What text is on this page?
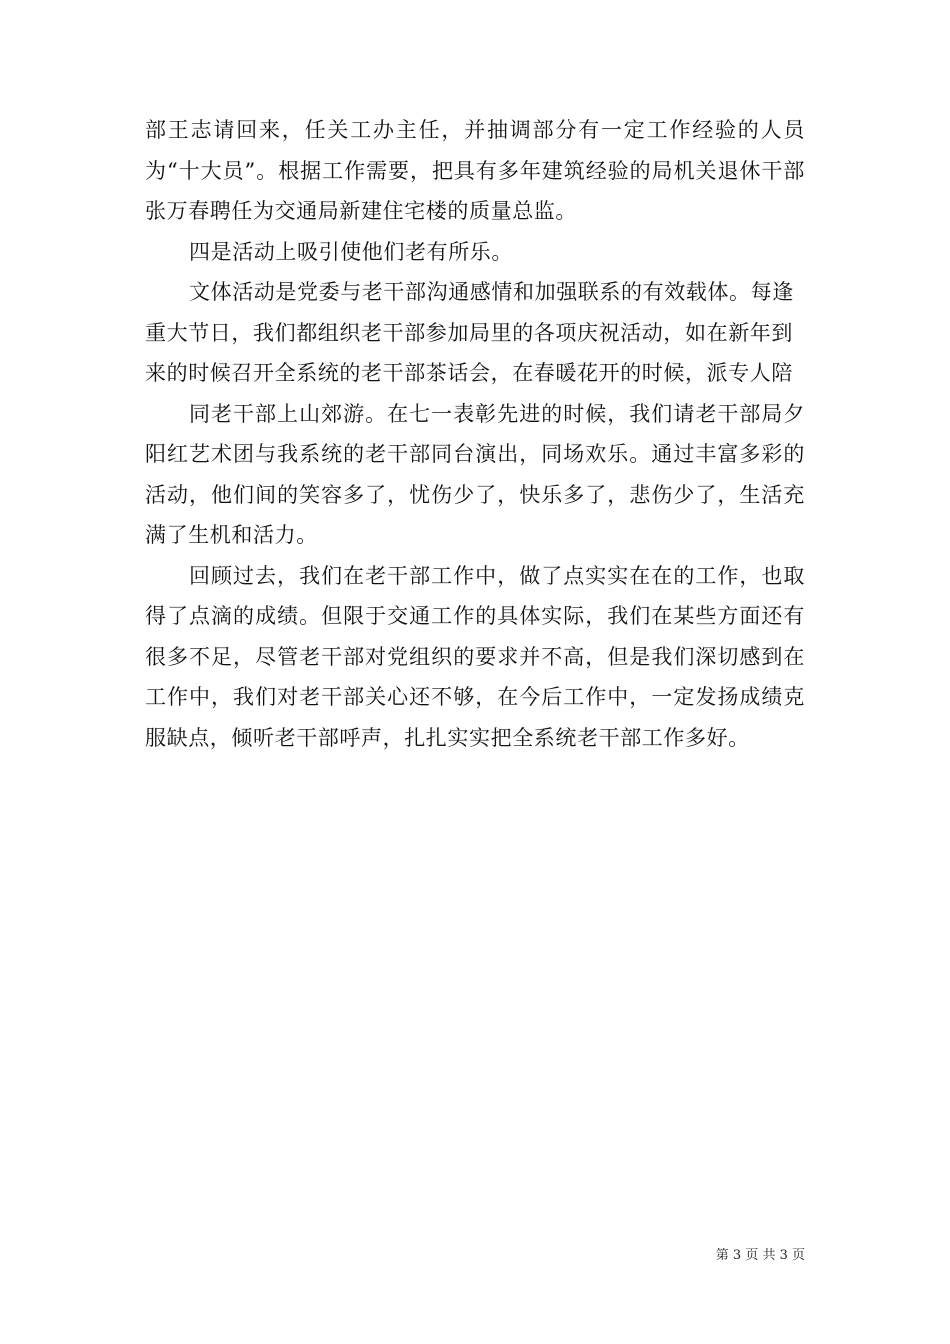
部王志请回来，任关工办主任，并抽调部分有一定工作经验的人员为“十大员”。根据工作需要，把具有多年建筑经验的局机关退休干部张万春聘任为交通局新建住宅楼的质量总监。

四是活动上吸引使他们老有所乐。

文体活动是党委与老干部沟通感情和加强联系的有效载体。每逢重大节日，我们都组织老干部参加局里的各项庆祝活动，如在新年到来的时候召开全系统的老干部茶话会，在春暖花开的时候，派专人陪

同老干部上山郊游。在七一表彰先进的时候，我们请老干部局夕阳红艺术团与我系统的老干部同台演出，同场欢乐。通过丰富多彩的活动，他们间的笑容多了，忧伤少了，快乐多了，悲伤少了，生活充满了生机和活力。

回顾过去，我们在老干部工作中，做了点实实在在的工作，也取得了点滴的成绩。但限于交通工作的具体实际，我们在某些方面还有很多不足，尽管老干部对党组织的要求并不高，但是我们深切感到在工作中，我们对老干部关心还不够，在今后工作中，一定发扬成绩克服缺点，倾听老干部呼声，扎扎实实把全系统老干部工作多好。

第 3 页 共 3 页
